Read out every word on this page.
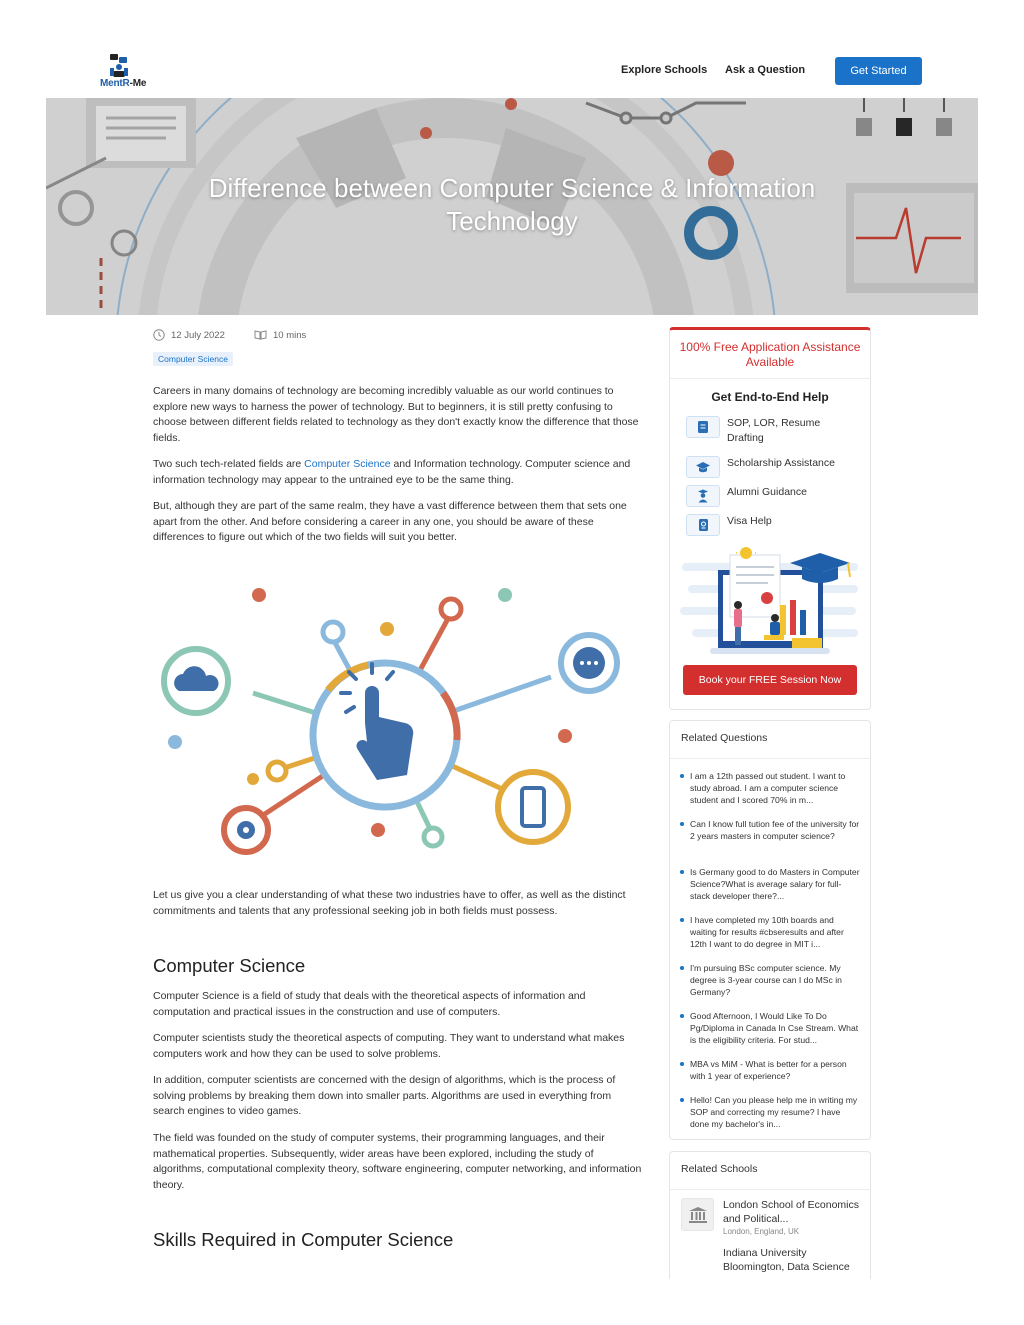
MentR-Me
Explore Schools Ask a Question	Get Started
Difference between Computer Science & Information Technology
12 July 2022	10 mins
Computer Science

Careers in many domains of technology are becoming incredibly valuable as our world continues to explore new ways to harness the power of technology. But to beginners, it is still pretty confusing to choose between different fields related to technology as they don't exactly know the difference that those fields.

Two such tech-related fields are Computer Science and Information technology. Computer science and information technology may appear to the untrained eye to be the same thing.

But, although they are part of the same realm, they have a vast difference between them that sets one apart from the other. And before considering a career in any one, you should be aware of these differences to figure out which of the two fields will suit you better.

Let us give you a clear understanding of what these two industries have to offer, as well as the distinct commitments and talents that any professional seeking job in both fields must possess.

Computer Science

Computer Science is a field of study that deals with the theoretical aspects of information and computation and practical issues in the construction and use of computers.

Computer scientists study the theoretical aspects of computing. They want to understand what makes computers work and how they can be used to solve problems.

In addition, computer scientists are concerned with the design of algorithms, which is the process of solving problems by breaking them down into smaller parts. Algorithms are used in everything from search engines to video games.

The field was founded on the study of computer systems, their programming languages, and their mathematical properties. Subsequently, wider areas have been explored, including the study of algorithms, computational complexity theory, software engineering, computer networking, and information theory.

Skills Required in Computer Science
100% Free Application Assistance Available
Get End-to-End Help
SOP, LOR, Resume Drafting
Scholarship Assistance
Alumni Guidance
Visa Help
Book your FREE Session Now
Related Questions
I am a 12th passed out student. I want to study abroad. I am a computer science student and I scored 70% in m...
Can I know full tution fee of the university for 2 years masters in computer science?
Is Germany good to do Masters in Computer Science?What is average salary for full-stack developer there?...
I have completed my 10th boards and waiting for results #cbseresults and after 12th I want to do degree in MIT i...
I'm pursuing BSc computer science. My degree is 3-year course can I do MSc in Germany?
Good Afternoon, I Would Like To Do Pg/Diploma in Canada In Cse Stream. What is the eligibility criteria. For stud...
MBA vs MiM - What is better for a person with 1 year of experience?
Hello! Can you please help me in writing my SOP and correcting my resume? I have done my bachelor's in...
Related Schools
London School of Economics and Political...
London, England, UK
Indiana University Bloomington, Data Science
